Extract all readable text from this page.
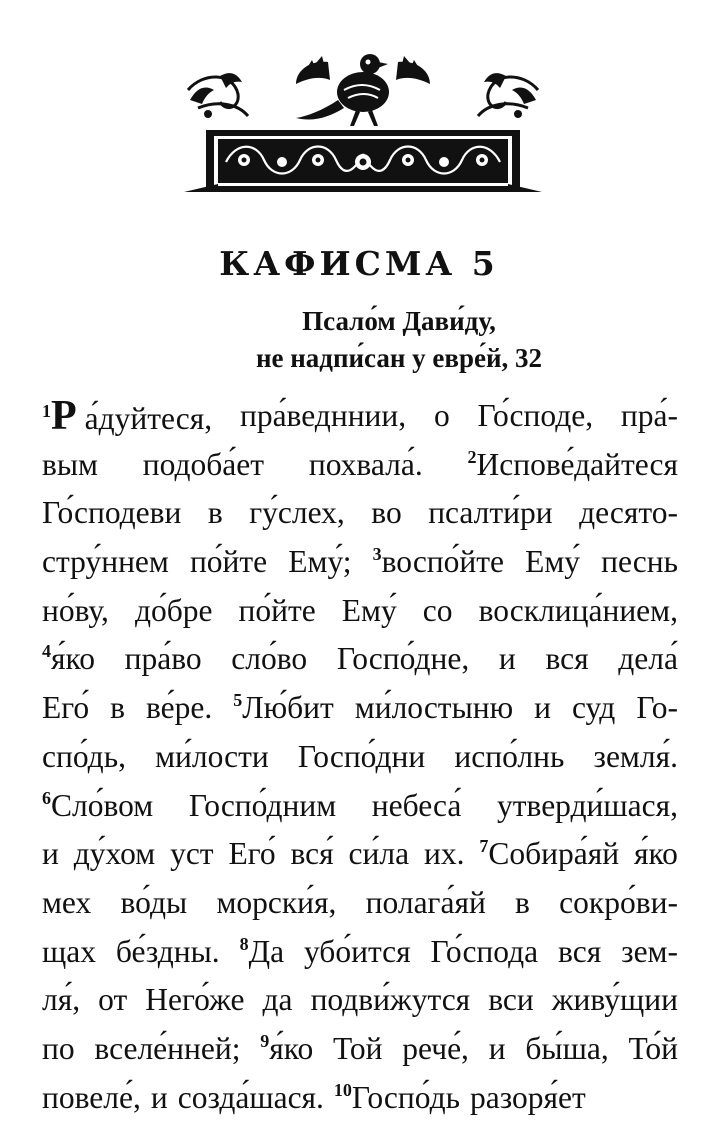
КАФИСМА 5
Псало́м Дави́ду,
не надпи́сан у евре́й, 32
$^1$Р а́дуйтеся, пра́ведннии, о Го́сподe, пра́-
вым подоба́ет похвала́. $^2$Испове́дайтеся
Го́сподеви в гу́слех, во псалти́ри десято-
стру́ннем по́йте Ему́; $^3$воспо́йте Ему́ песнь
но́ву, до́бре по́йте Ему́ со восклица́нием,
$^4$я́ко пра́во сло́во Госпо́дне, и вся дела́
Его́ в ве́ре. $^5$Лю́бит ми́лостыню и суд Го-
спо́дь, ми́лости Госпо́дни испо́лнь земля́.
$^6$Сло́вом Госпо́дним небеса́ утверди́шася,
и ду́хом уст Его́ вся́ си́ла их. $^7$Собира́яй я́ко
мех во́ды морски́я, полага́яй в сокро́ви-
щах бе́здны. $^8$Да убо́ится Го́спода вся зем-
ля́, от Него́же да подви́жутся вси живу́щии
по вселе́нней; $^9$я́ко Той рече́, и бы́ша, То́й
повеле́, и созда́шася. $^{10}$Госпо́дь разоря́ет
